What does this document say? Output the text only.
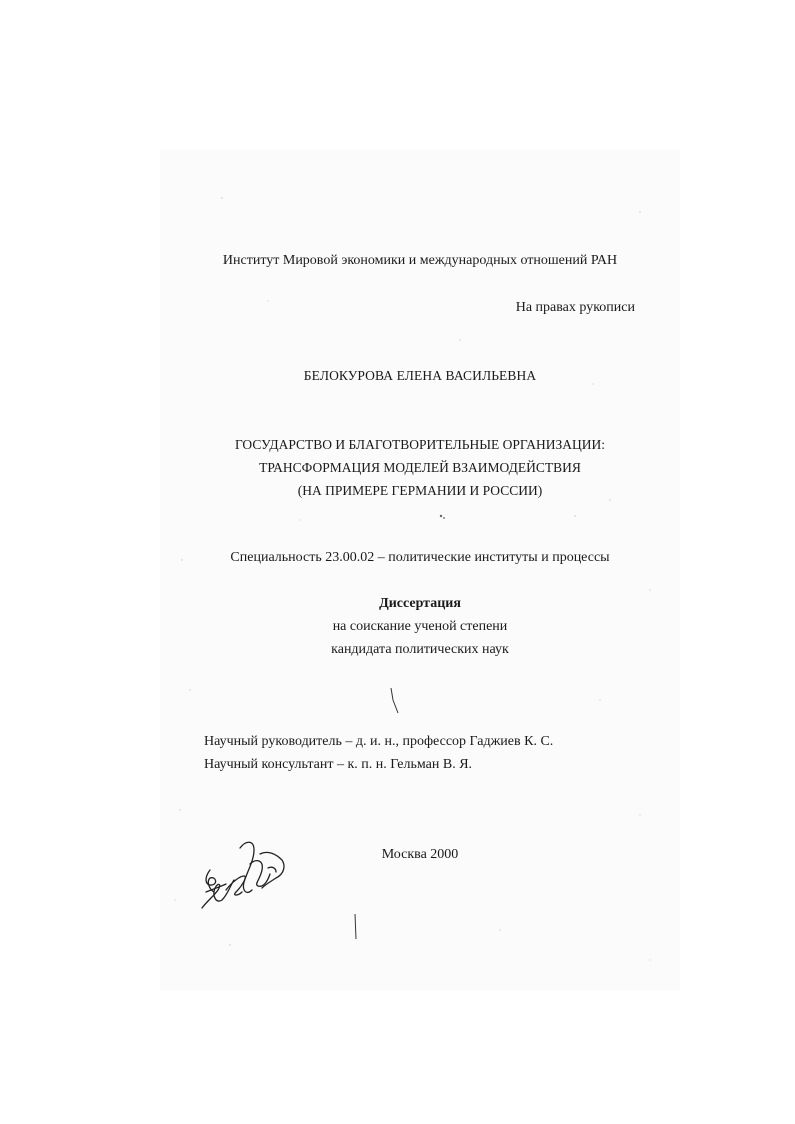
Институт Мировой экономики и международных отношений РАН
На правах рукописи
БЕЛОКУРОВА ЕЛЕНА ВАСИЛЬЕВНА
ГОСУДАРСТВО И БЛАГОТВОРИТЕЛЬНЫЕ ОРГАНИЗАЦИИ:
ТРАНСФОРМАЦИЯ МОДЕЛЕЙ ВЗАИМОДЕЙСТВИЯ
(НА ПРИМЕРЕ ГЕРМАНИИ И РОССИИ)
Специальность 23.00.02 – политические институты и процессы
Диссертация
на соискание ученой степени
кандидата политических наук
Научный руководитель – д. и. н., профессор Гаджиев К. С.
Научный консультант – к. п. н. Гельман В. Я.
Москва 2000
